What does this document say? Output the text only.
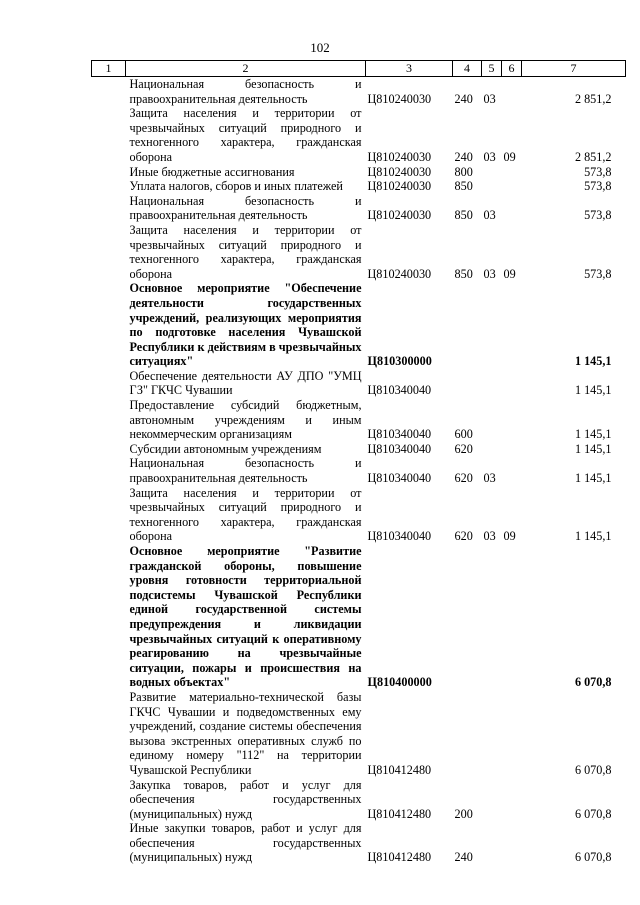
102
1	2	3	4	5	6	7
	Национальная безопасность и правоохранительная деятельность	Ц810240030	240	03		2 851,2
	Защита населения и территории от чрезвычайных ситуаций природного и техногенного характера, гражданская оборона	Ц810240030	240	03	09	2 851,2
	Иные бюджетные ассигнования	Ц810240030	800			573,8
	Уплата налогов, сборов и иных платежей	Ц810240030	850			573,8
	Национальная безопасность и правоохранительная деятельность	Ц810240030	850	03		573,8
	Защита населения и территории от чрезвычайных ситуаций природного и техногенного характера, гражданская оборона	Ц810240030	850	03	09	573,8
	Основное мероприятие "Обеспечение деятельности государственных учреждений, реализующих мероприятия по подготовке населения Чувашской Республики к действиям в чрезвычайных ситуациях"	Ц810300000				1 145,1
	Обеспечение деятельности АУ ДПО "УМЦ ГЗ" ГКЧС Чувашии	Ц810340040				1 145,1
	Предоставление субсидий бюджетным, автономным учреждениям и иным некоммерческим организациям	Ц810340040	600			1 145,1
	Субсидии автономным учреждениям	Ц810340040	620			1 145,1
	Национальная безопасность и правоохранительная деятельность	Ц810340040	620	03		1 145,1
	Защита населения и территории от чрезвычайных ситуаций природного и техногенного характера, гражданская оборона	Ц810340040	620	03	09	1 145,1
	Основное мероприятие "Развитие гражданской обороны, повышение уровня готовности территориальной подсистемы Чувашской Республики единой государственной системы предупреждения и ликвидации чрезвычайных ситуаций к оперативному реагированию на чрезвычайные ситуации, пожары и происшествия на водных объектах"	Ц810400000				6 070,8
	Развитие материально-технической базы ГКЧС Чувашии и подведомственных ему учреждений, создание системы обеспечения вызова экстренных оперативных служб по единому номеру "112" на территории Чувашской Республики	Ц810412480				6 070,8
	Закупка товаров, работ и услуг для обеспечения государственных (муниципальных) нужд	Ц810412480	200			6 070,8
	Иные закупки товаров, работ и услуг для обеспечения государственных (муниципальных) нужд	Ц810412480	240			6 070,8
